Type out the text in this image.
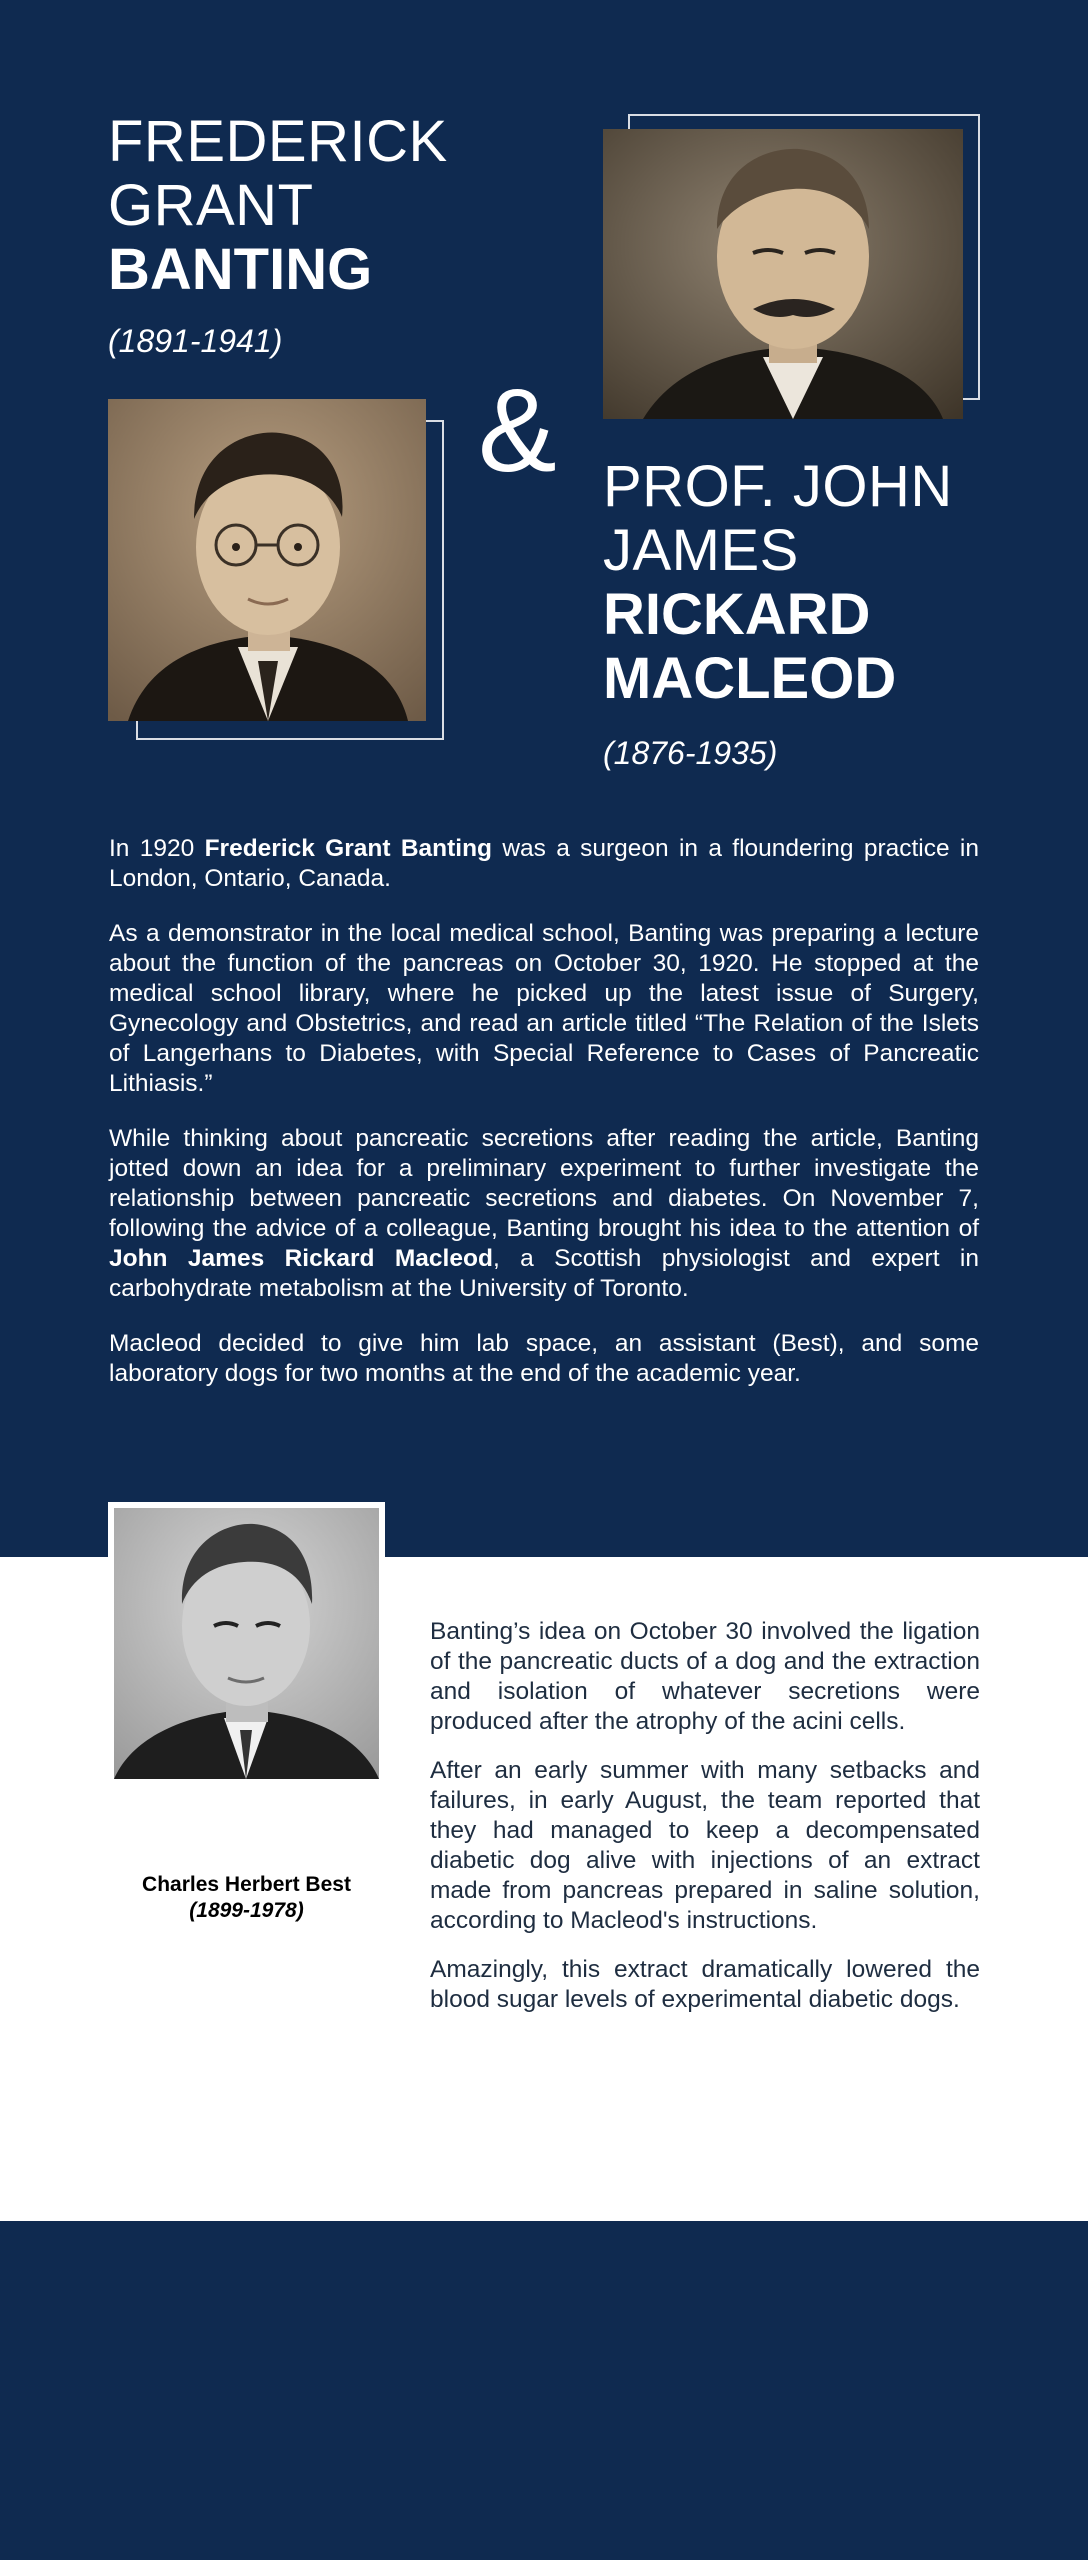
FREDERICK
GRANT
BANTING
(1891-1941)
& PROF. JOHN
JAMES
RICKARD
MACLEOD
(1876-1935)

In 1920 Frederick Grant Banting was a surgeon in a floundering practice in London, Ontario, Canada.

As a demonstrator in the local medical school, Banting was preparing a lecture about the function of the pancreas on October 30, 1920. He stopped at the medical school library, where he picked up the latest issue of Surgery, Gynecology and Obstetrics, and read an article titled “The Relation of the Islets of Langerhans to Diabetes, with Special Reference to Cases of Pancreatic Lithiasis.”

While thinking about pancreatic secretions after reading the article, Banting jotted down an idea for a preliminary experiment to further investigate the relationship between pancreatic secretions and diabetes. On November 7, following the advice of a colleague, Banting brought his idea to the attention of John James Rickard Macleod, a Scottish physiologist and expert in carbohydrate metabolism at the University of Toronto.

Macleod decided to give him lab space, an assistant (Best), and some laboratory dogs for two months at the end of the academic year.

Charles Herbert Best
(1899-1978)

Banting’s idea on October 30 involved the ligation of the pancreatic ducts of a dog and the extraction and isolation of whatever secretions were produced after the atrophy of the acini cells.

After an early summer with many setbacks and failures, in early August, the team reported that they had managed to keep a decompensated diabetic dog alive with injections of an extract made from pancreas prepared in saline solution, according to Macleod's instructions.

Amazingly, this extract dramatically lowered the blood sugar levels of experimental diabetic dogs.
